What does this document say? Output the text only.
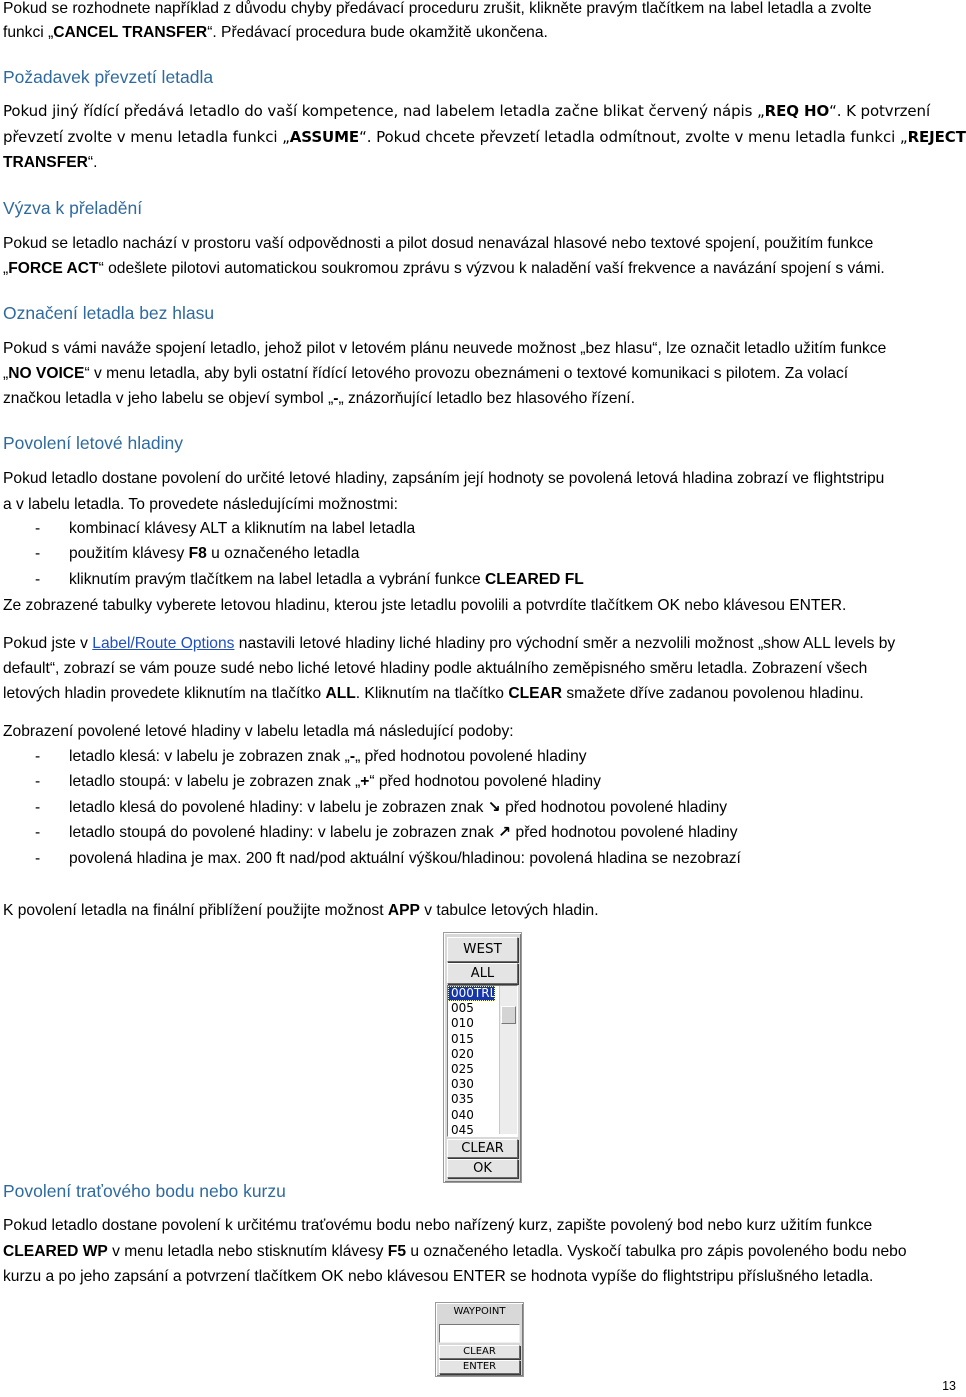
Pokud se rozhodnete například z důvodu chyby předávací proceduru zrušit, klikněte pravým tlačítkem na label letadla a zvolte
funkci „CANCEL TRANSFER“. Předávací procedura bude okamžitě ukončena.
Požadavek převzetí letadla
Pokud jiný řídící předává letadlo do vaší kompetence, nad labelem letadla začne blikat červený nápis „REQ HO“. K potvrzení
převzetí zvolte v menu letadla funkci „ASSUME“. Pokud chcete převzetí letadla odmítnout, zvolte v menu letadla funkci „REJECT
TRANSFER“.
Výzva k přeladění
Pokud se letadlo nachází v prostoru vaší odpovědnosti a pilot dosud nenavázal hlasové nebo textové spojení, použitím funkce
„FORCE ACT“ odešlete pilotovi automatickou soukromou zprávu s výzvou k naladění vaší frekvence a navázání spojení s vámi.
Označení letadla bez hlasu
Pokud s vámi naváže spojení letadlo, jehož pilot v letovém plánu neuvede možnost „bez hlasu“, lze označit letadlo užitím funkce
„NO VOICE“ v menu letadla, aby byli ostatní řídící letového provozu obeznámeni o textové komunikaci s pilotem. Za volací
značkou letadla v jeho labelu se objeví symbol „-„ znázorňující letadlo bez hlasového řízení.
Povolení letové hladiny
Pokud letadlo dostane povolení do určité letové hladiny, zapsáním její hodnoty se povolená letová hladina zobrazí ve flightstripu
a v labelu letadla. To provedete následujícími možnostmi:
- kombinací klávesy ALT a kliknutím na label letadla
- použitím klávesy F8 u označeného letadla
- kliknutím pravým tlačítkem na label letadla a vybrání funkce CLEARED FL
Ze zobrazené tabulky vyberete letovou hladinu, kterou jste letadlu povolili a potvrdíte tlačítkem OK nebo klávesou ENTER.
Pokud jste v Label/Route Options nastavili letové hladiny liché hladiny pro východní směr a nezvolili možnost „show ALL levels by
default“, zobrazí se vám pouze sudé nebo liché letové hladiny podle aktuálního zeměpisného směru letadla. Zobrazení všech
letových hladin provedete kliknutím na tlačítko ALL. Kliknutím na tlačítko CLEAR smažete dříve zadanou povolenou hladinu.
Zobrazení povolené letové hladiny v labelu letadla má následující podoby:
- letadlo klesá: v labelu je zobrazen znak „-„ před hodnotou povolené hladiny
- letadlo stoupá: v labelu je zobrazen znak „+“ před hodnotou povolené hladiny
- letadlo klesá do povolené hladiny: v labelu je zobrazen znak ↘ před hodnotou povolené hladiny
- letadlo stoupá do povolené hladiny: v labelu je zobrazen znak ↗ před hodnotou povolené hladiny
- povolená hladina je max. 200 ft nad/pod aktuální výškou/hladinou: povolená hladina se nezobrazí
K povolení letadla na finální přiblížení použijte možnost APP v tabulce letových hladin.
Povolení traťového bodu nebo kurzu
Pokud letadlo dostane povolení k určitému traťovému bodu nebo nařízený kurz, zapište povolený bod nebo kurz užitím funkce
CLEARED WP v menu letadla nebo stisknutím klávesy F5 u označeného letadla. Vyskočí tabulka pro zápis povoleného bodu nebo
kurzu a po jeho zapsání a potvrzení tlačítkem OK nebo klávesou ENTER se hodnota vypíše do flightstripu příslušného letadla.
WEST
ALL
000TRL
005
010
015
020
025
030
035
040
045
CLEAR
OK
WAYPOINT
CLEAR
ENTER
13
